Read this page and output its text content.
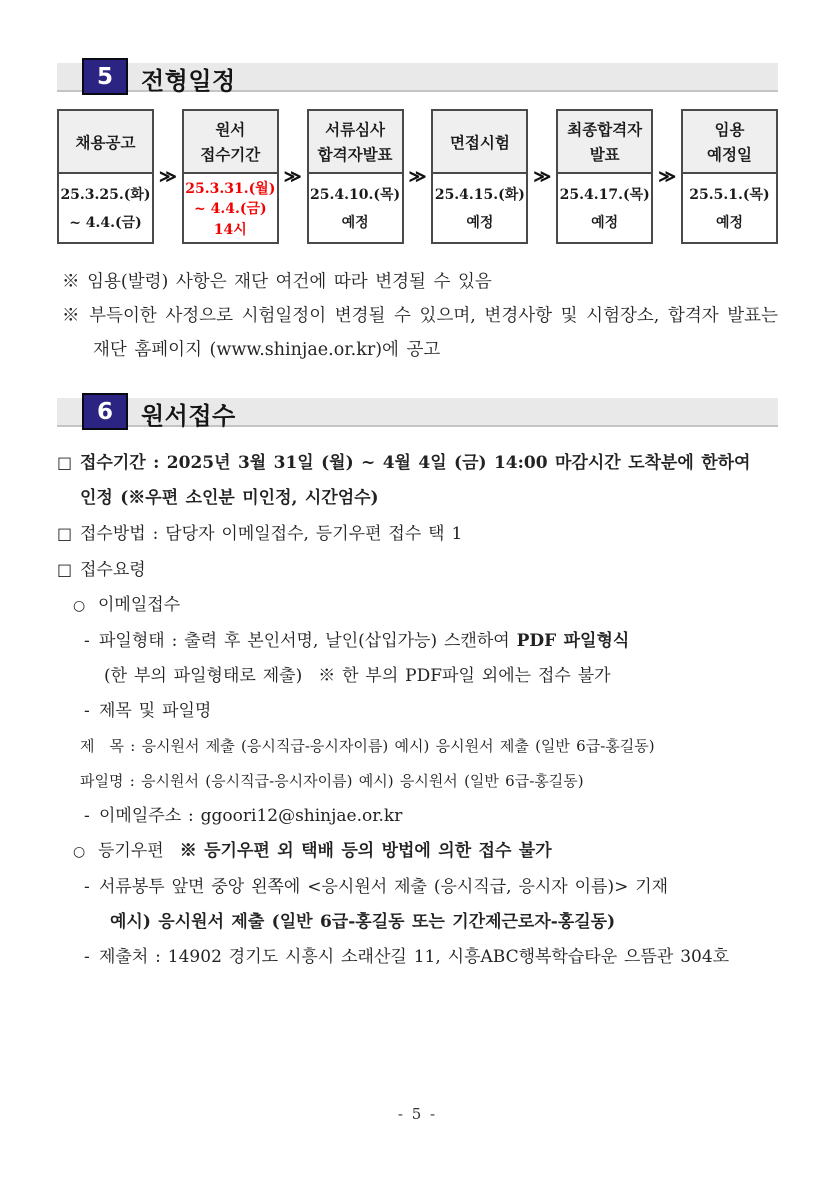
5	전형일정
채용공고
25.3.25.(화)
~ 4.4.(금)
≫
원서
접수기간
25.3.31.(월)
~ 4.4.(금)
14시
≫
서류심사
합격자발표
25.4.10.(목)
예정
≫
면접시험
25.4.15.(화)
예정
≫
최종합격자
발표
25.4.17.(목)
예정
≫
임용
예정일
25.5.1.(목)
예정
※ 임용(발령) 사항은 재단 여건에 따라 변경될 수 있음
※ 부득이한 사정으로 시험일정이 변경될 수 있으며, 변경사항 및 시험장소, 합격자 발표는 재단 홈페이지 (www.shinjae.or.kr)에 공고
6	원서접수
□ 접수기간 : 2025년 3월 31일 (월) ~ 4월 4일 (금) 14:00 마감시간 도착분에 한하여
인정 (※우편 소인분 미인정, 시간엄수)
□ 접수방법 : 담당자 이메일접수, 등기우편 접수 택 1
□ 접수요령
○ 이메일접수
- 파일형태 : 출력 후 본인서명, 날인(삽입가능) 스캔하여 PDF 파일형식
(한 부의 파일형태로 제출) ※ 한 부의 PDF파일 외에는 접수 불가
- 제목 및 파일명
제　목 : 응시원서 제출 (응시직급-응시자이름) 예시) 응시원서 제출 (일반 6급-홍길동)
파일명 : 응시원서 (응시직급-응시자이름) 예시) 응시원서 (일반 6급-홍길동)
- 이메일주소 : ggoori12@shinjae.or.kr
○ 등기우편 ※ 등기우편 외 택배 등의 방법에 의한 접수 불가
- 서류봉투 앞면 중앙 왼쪽에 <응시원서 제출 (응시직급, 응시자 이름)> 기재
예시) 응시원서 제출 (일반 6급-홍길동 또는 기간제근로자-홍길동)
- 제출처 : 14902 경기도 시흥시 소래산길 11, 시흥ABC행복학습타운 으뜸관 304호
- 5 -
